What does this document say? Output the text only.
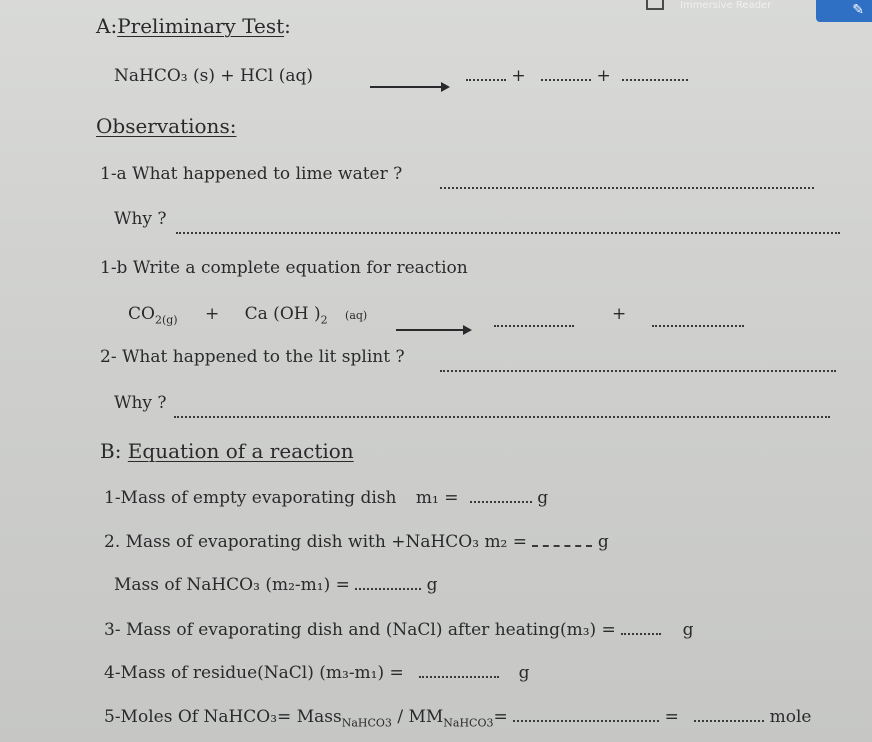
Immersive Reader	✎
A:Preliminary Test:
NaHCO₃ (s) + HCl (aq)	+	+
Observations:
1-a What happened to lime water ?
Why ?
1-b Write a complete equation for reaction
$CO_{2(g)} + Ca$ (OH )$_2$ (aq)	+
2- What happened to the lit splint ?
Why ?
B: Equation of a reaction
1-Mass of empty evaporating dish m₁ =	g
2. Mass of evaporating dish with +NaHCO₃ m₂ =	g
Mass of NaHCO₃ (m₂-m₁) =	g
3- Mass of evaporating dish and (NaCl) after heating(m₃) =	g
4-Mass of residue(NaCl) (m₃-m₁) =	g
5-Moles Of NaHCO₃= Mass$_{NaHCO3}$ / $MM_{NaHCO3}=$	=	mole
